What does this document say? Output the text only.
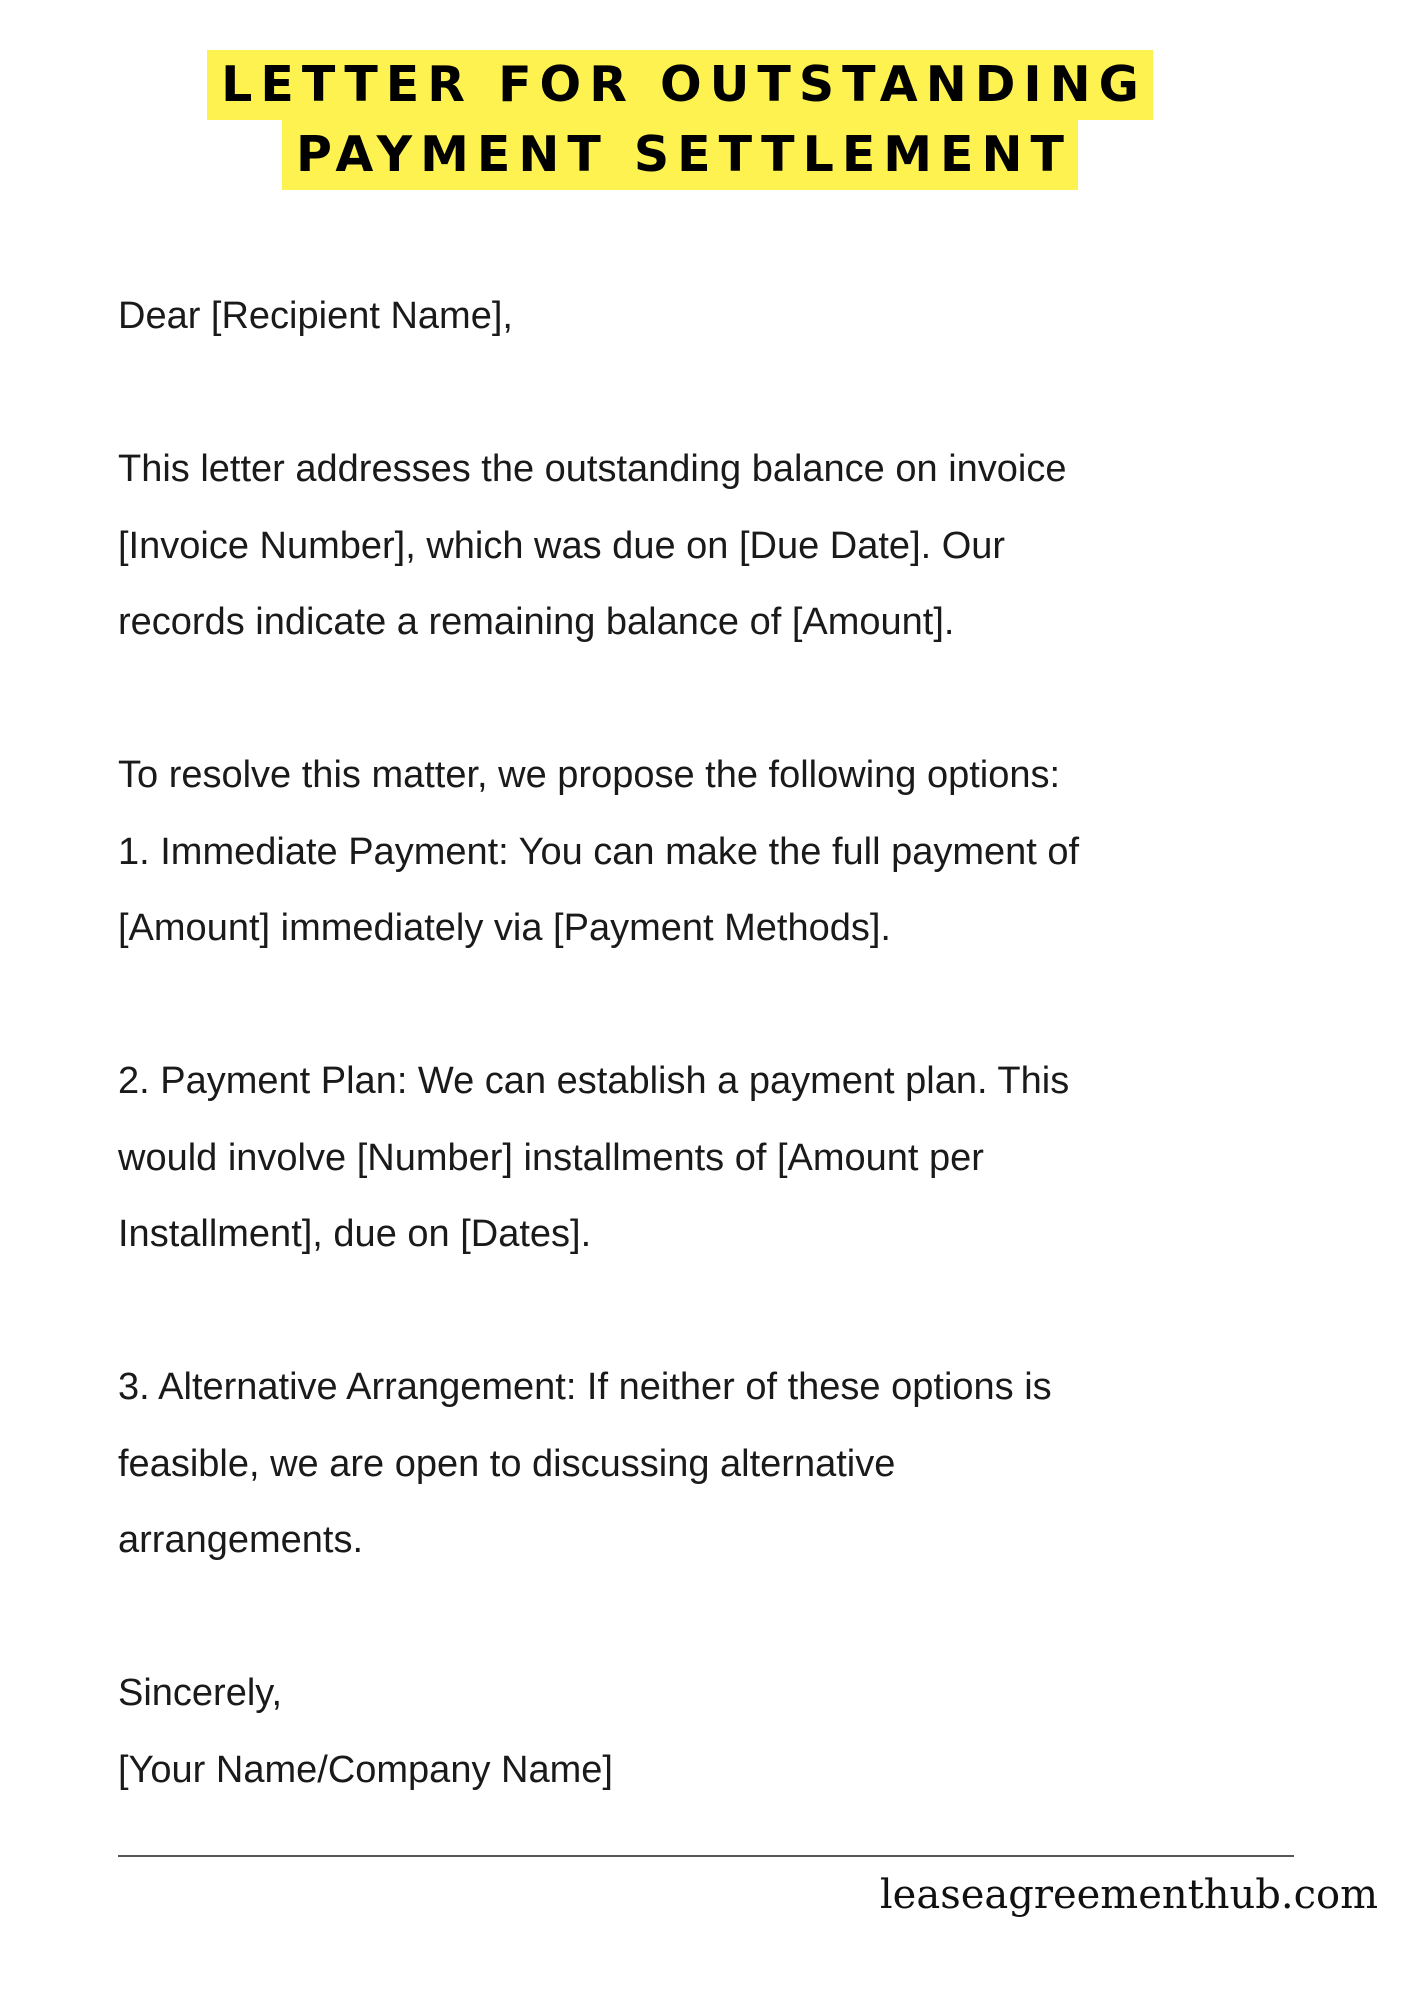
LETTER FOR OUTSTANDING
PAYMENT SETTLEMENT

Dear [Recipient Name],

This letter addresses the outstanding balance on invoice

[Invoice Number], which was due on [Due Date]. Our

records indicate a remaining balance of [Amount].

To resolve this matter, we propose the following options:

1. Immediate Payment: You can make the full payment of

[Amount] immediately via [Payment Methods].

2. Payment Plan: We can establish a payment plan. This

would involve [Number] installments of [Amount per

Installment], due on [Dates].

3. Alternative Arrangement: If neither of these options is

feasible, we are open to discussing alternative

arrangements.

Sincerely,

[Your Name/Company Name]

leaseagreementhub.com
